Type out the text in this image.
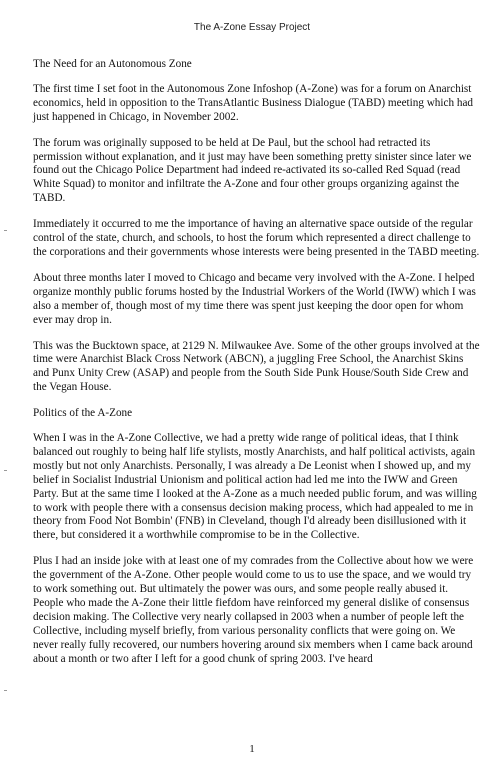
The A-Zone Essay Project

The Need for an Autonomous Zone

The first time I set foot in the Autonomous Zone Infoshop (A-Zone) was for a forum on Anarchist economics, held in opposition to the TransAtlantic Business Dialogue (TABD) meeting which had just happened in Chicago, in November 2002.

The forum was originally supposed to be held at De Paul, but the school had retracted its permission without explanation, and it just may have been something pretty sinister since later we found out the Chicago Police Department had indeed re-activated its so-called Red Squad (read White Squad) to monitor and infiltrate the A-Zone and four other groups organizing against the TABD.

Immediately it occurred to me the importance of having an alternative space outside of the regular control of the state, church, and schools, to host the forum which represented a direct challenge to the corporations and their governments whose interests were being presented in the TABD meeting.

About three months later I moved to Chicago and became very involved with the A-Zone. I helped organize monthly public forums hosted by the Industrial Workers of the World (IWW) which I was also a member of, though most of my time there was spent just keeping the door open for whom ever may drop in.

This was the Bucktown space, at 2129 N. Milwaukee Ave. Some of the other groups involved at the time were Anarchist Black Cross Network (ABCN), a juggling Free School, the Anarchist Skins and Punx Unity Crew (ASAP) and people from the South Side Punk House/South Side Crew and the Vegan House.

Politics of the A-Zone

When I was in the A-Zone Collective, we had a pretty wide range of political ideas, that I think balanced out roughly to being half life stylists, mostly Anarchists, and half political activists, again mostly but not only Anarchists. Personally, I was already a De Leonist when I showed up, and my belief in Socialist Industrial Unionism and political action had led me into the IWW and Green Party. But at the same time I looked at the A-Zone as a much needed public forum, and was willing to work with people there with a consensus decision making process, which had appealed to me in theory from Food Not Bombin' (FNB) in Cleveland, though I'd already been disillusioned with it there, but considered it a worthwhile compromise to be in the Collective.

Plus I had an inside joke with at least one of my comrades from the Collective about how we were the government of the A-Zone. Other people would come to us to use the space, and we would try to work something out. But ultimately the power was ours, and some people really abused it. People who made the A-Zone their little fiefdom have reinforced my general dislike of consensus decision making. The Collective very nearly collapsed in 2003 when a number of people left the Collective, including myself briefly, from various personality conflicts that were going on. We never really fully recovered, our numbers hovering around six members when I came back around about a month or two after I left for a good chunk of spring 2003. I've heard

1
